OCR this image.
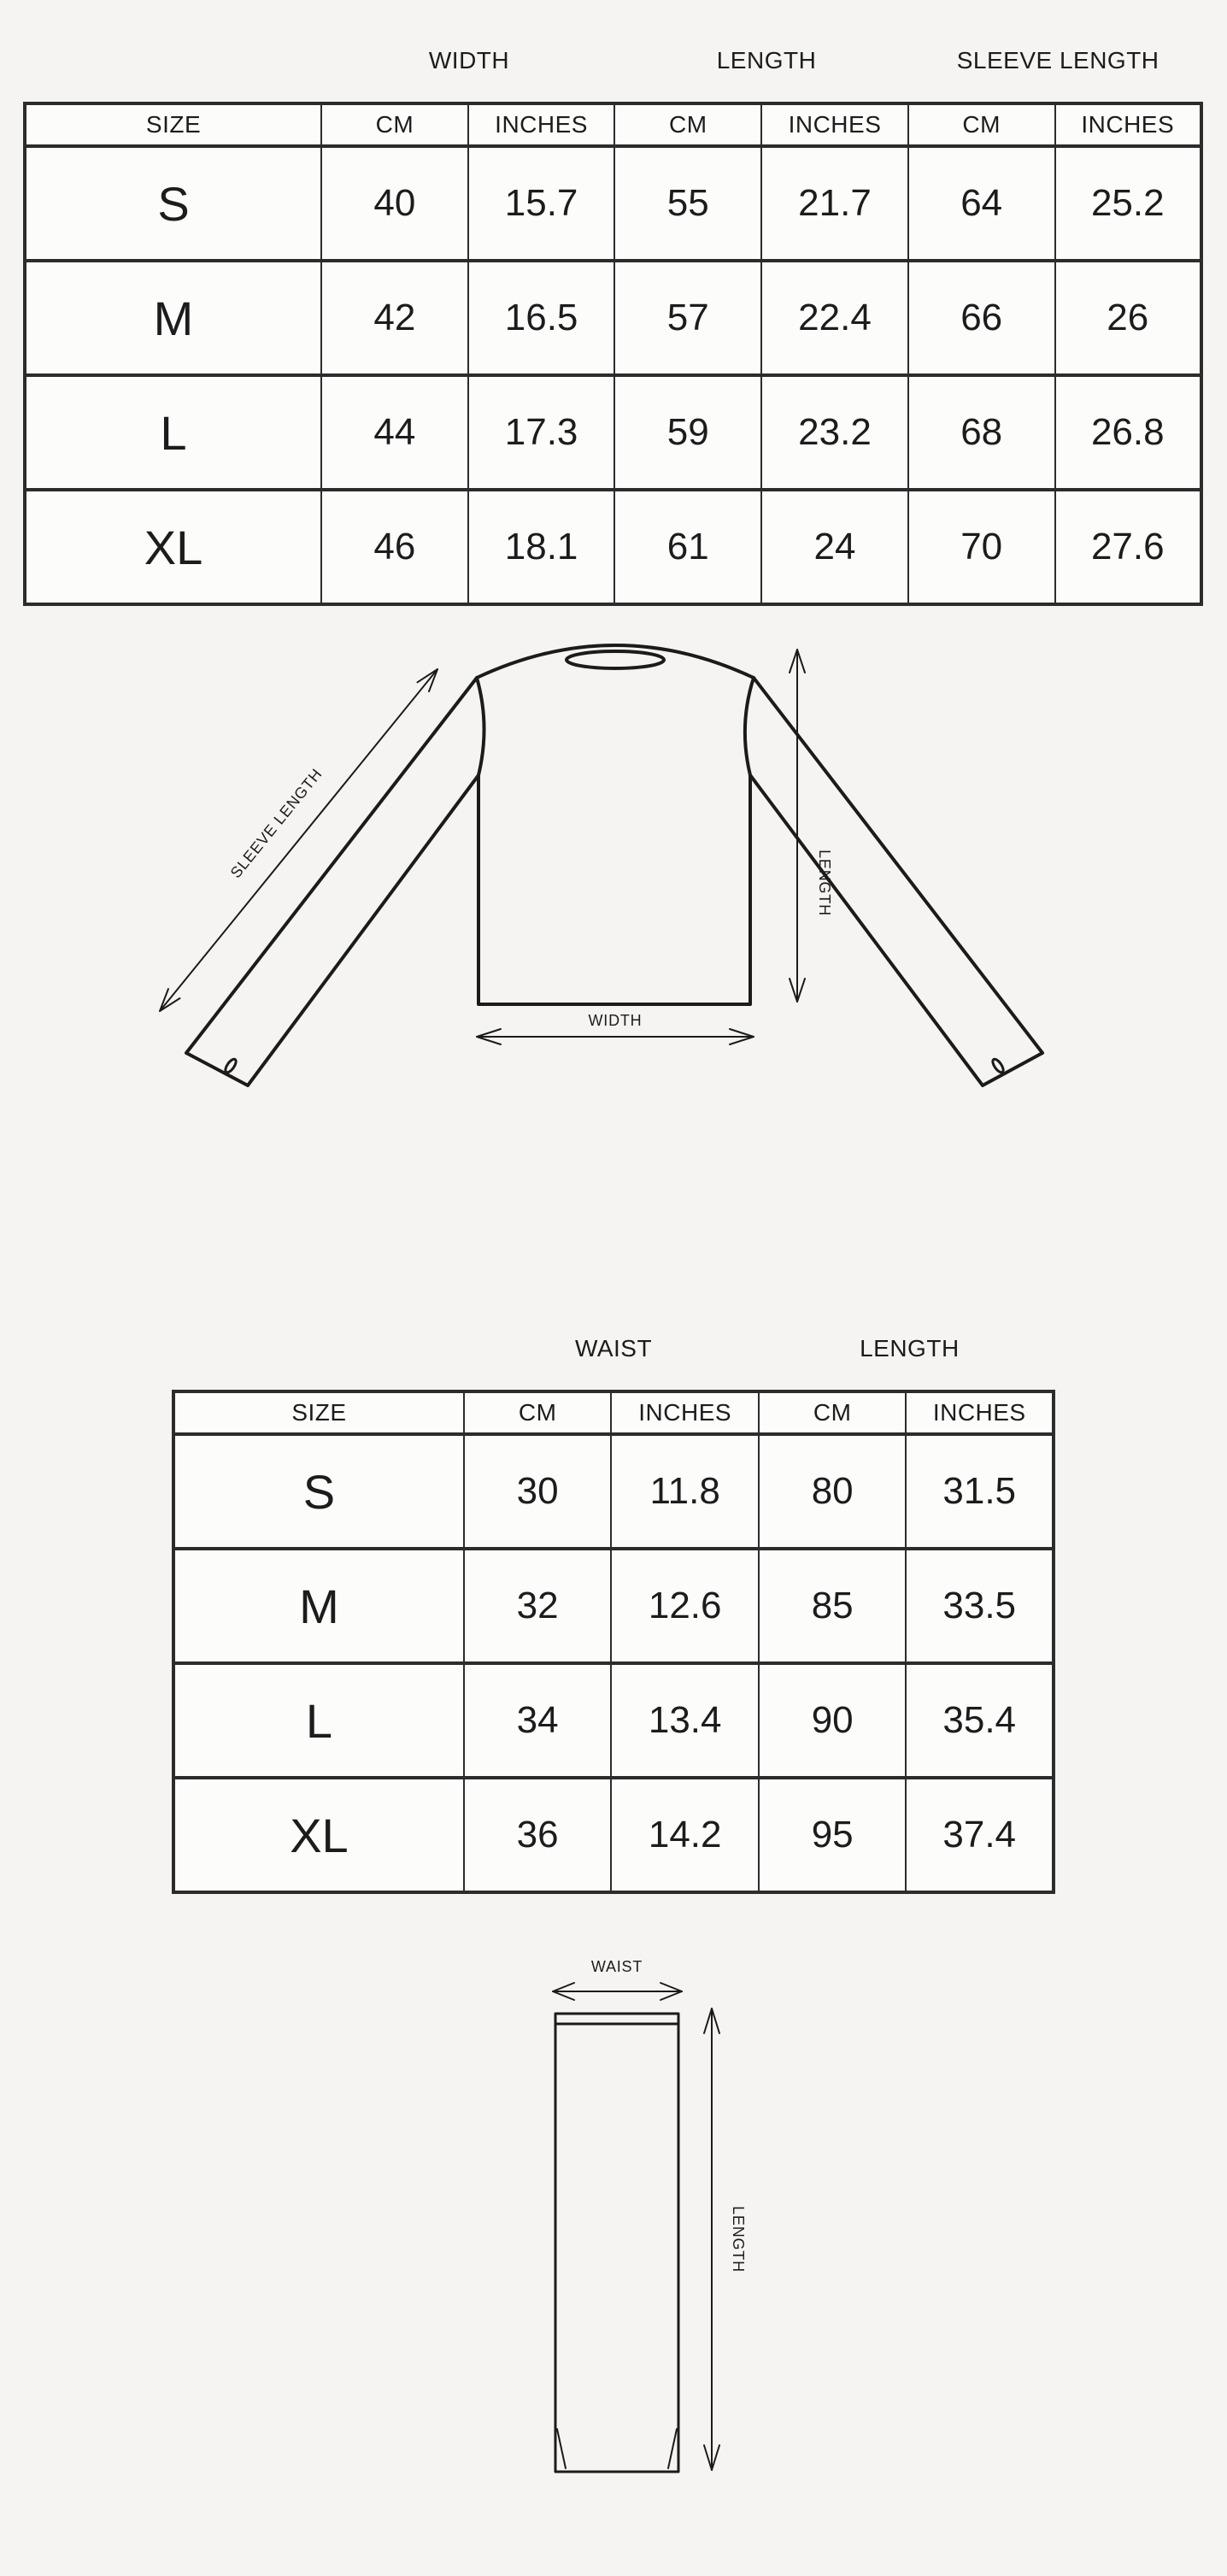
WIDTH	LENGTH	SLEEVE LENGTH
SIZE	CM	INCHES	CM	INCHES	CM	INCHES
S	40	15.7	55	21.7	64	25.2
M	42	16.5	57	22.4	66	26
L	44	17.3	59	23.2	68	26.8
XL	46	18.1	61	24	70	27.6
SLEEVE LENGTH
LENGTH
WIDTH
WAIST	LENGTH
SIZE	CM	INCHES	CM	INCHES
S	30	11.8	80	31.5
M	32	12.6	85	33.5
L	34	13.4	90	35.4
XL	36	14.2	95	37.4
WAIST
LENGTH
